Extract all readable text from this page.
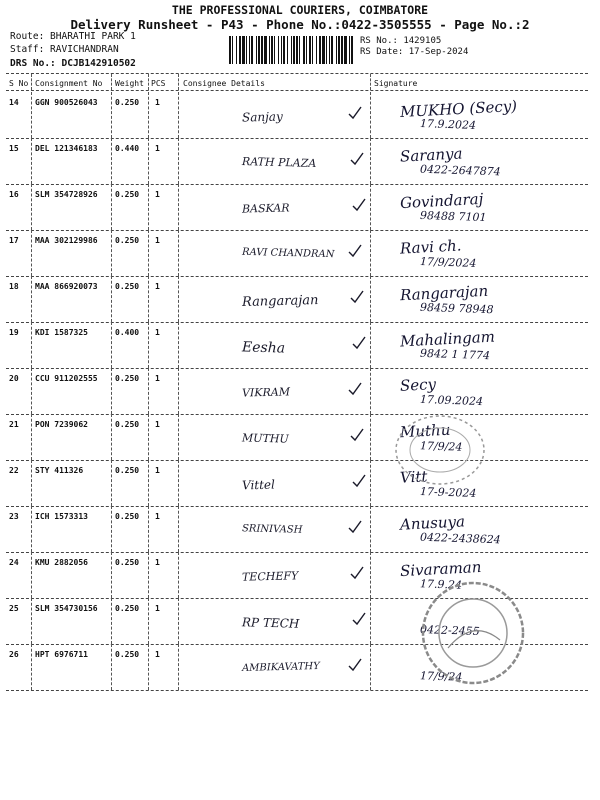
THE PROFESSIONAL COURIERS, COIMBATORE
Delivery Runsheet - P43 - Phone No.:0422-3505555 - Page No.:2
Route: BHARATHI PARK 1
Staff: RAVICHANDRAN
DRS No.: DCJB142910502
RS No.: 1429105
RS Date: 17-Sep-2024
S No Consignment No Weight PCS Consignee Details	Signature
14 GGN 900526043 0.250 1
Sanjay	MUKHO (Secy)
17.9.2024
15 DEL 121346183 0.440 1
RATH PLAZA	Saranya
0422-2647874
16 SLM 354728926 0.250 1
BASKAR	Govindaraj
98488 7101
17 MAA 302129986 0.250 1
RAVI CHANDRAN	Ravi ch.
17/9/2024
18 MAA 866920073 0.250 1
Rangarajan	Rangarajan
98459 78948
19 KDI 1587325	0.400 1
Eesha	Mahalingam
9842 1 1774
20 CCU 911202555 0.250 1
VIKRAM	Secy
17.09.2024
21 PON 7239062	0.250 1
MUTHU	Muthu
17/9/24
22 STY 411326	0.250 1
Vittel	Vitt
17-9-2024
23 ICH 1573313	0.250 1
SRINIVASH	Anusuya
0422-2438624
24 KMU 2882056	0.250 1
TECHEFY	Sivaraman
17.9.24
25 SLM 354730156 0.250 1
RP TECH	0422-2455
26 HPT 6976711	0.250 1
AMBIKAVATHY
17/9/24
